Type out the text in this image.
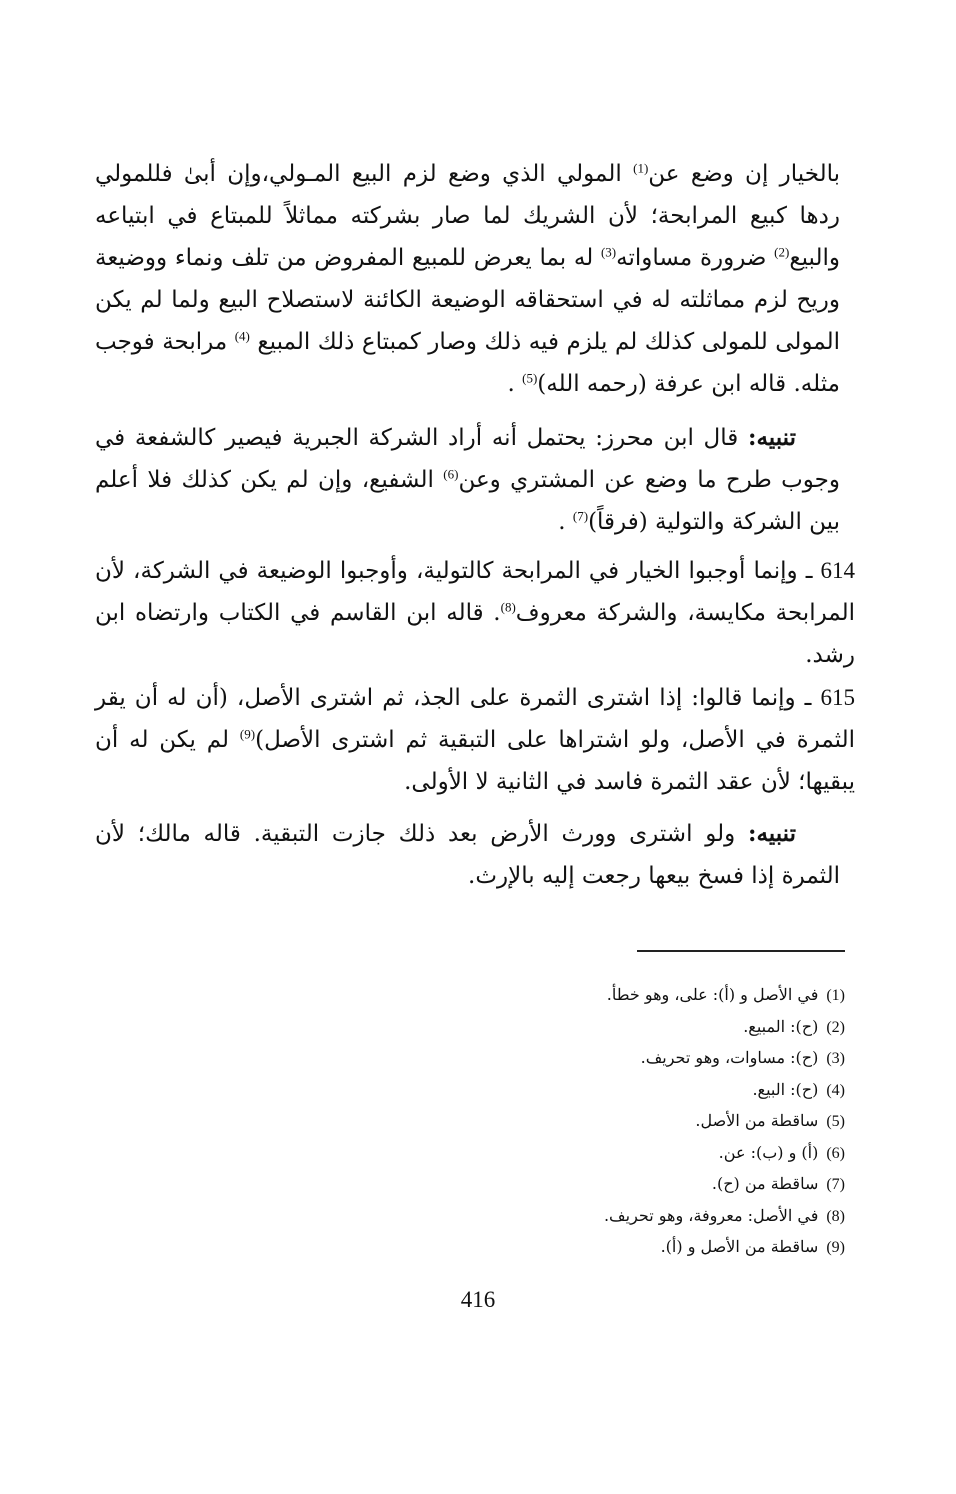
بالخيار إن وضع عن$^{(1)}$ المولي الذي وضع لزم البيع المـولي،وإن أبىٰ فللمولي ردها كبيع المرابحة؛ لأن الشريك لما صار بشركته مماثلاً للمبتاع في ابتياعه والبيع$^{(2)}$ ضرورة مساواته$^{(3)}$ له بما يعرض للمبيع المفروض من تلف ونماء ووضيعة وريح لزم مماثلته له في استحقاقه الوضيعة الكائنة لاستصلاح البيع ولما لم يكن المولى للمولى كذلك لم يلزم فيه ذلك وصار كمبتاع ذلك المبيع $^{(4)}$ مرابحة فوجب مثله. قاله ابن عرفة (رحمه الله)$^{(5)}$ .

تنبيه: قال ابن محرز: يحتمل أنه أراد الشركة الجبرية فيصير كالشفعة في وجوب طرح ما وضع عن المشتري وعن$^{(6)}$ الشفيع، وإن لم يكن كذلك فلا أعلم بين الشركة والتولية (فرقاً)$^{(7)}$ .

614 ـ وإنما أوجبوا الخيار في المرابحة كالتولية، وأوجبوا الوضيعة في الشركة، لأن المرابحة مكايسة، والشركة معروف$^{(8)}$. قاله ابن القاسم في الكتاب وارتضاه ابن رشد.

615 ـ وإنما قالوا: إذا اشترى الثمرة على الجذ، ثم اشترى الأصل، (أن له أن يقر الثمرة في الأصل، ولو اشتراها على التبقية ثم اشترى الأصل)$^{(9)}$ لم يكن له أن يبقيها؛ لأن عقد الثمرة فاسد في الثانية لا الأولى.

تنبيه: ولو اشترى وورث الأرض بعد ذلك جازت التبقية. قاله مالك؛ لأن الثمرة إذا فسخ بيعها رجعت إليه بالإرث.

(1)في الأصل و (أ): على، وهو خطأ.
(2)(ح): المبيع.
(3)(ح): مساوات، وهو تحريف.
(4)(ح): البيع.
(5)ساقطة من الأصل.
(6)(أ) و (ب): عن.
(7)ساقطة من (ح).
(8)في الأصل: معروفة، وهو تحريف.
(9)ساقطة من الأصل و (أ).
416
